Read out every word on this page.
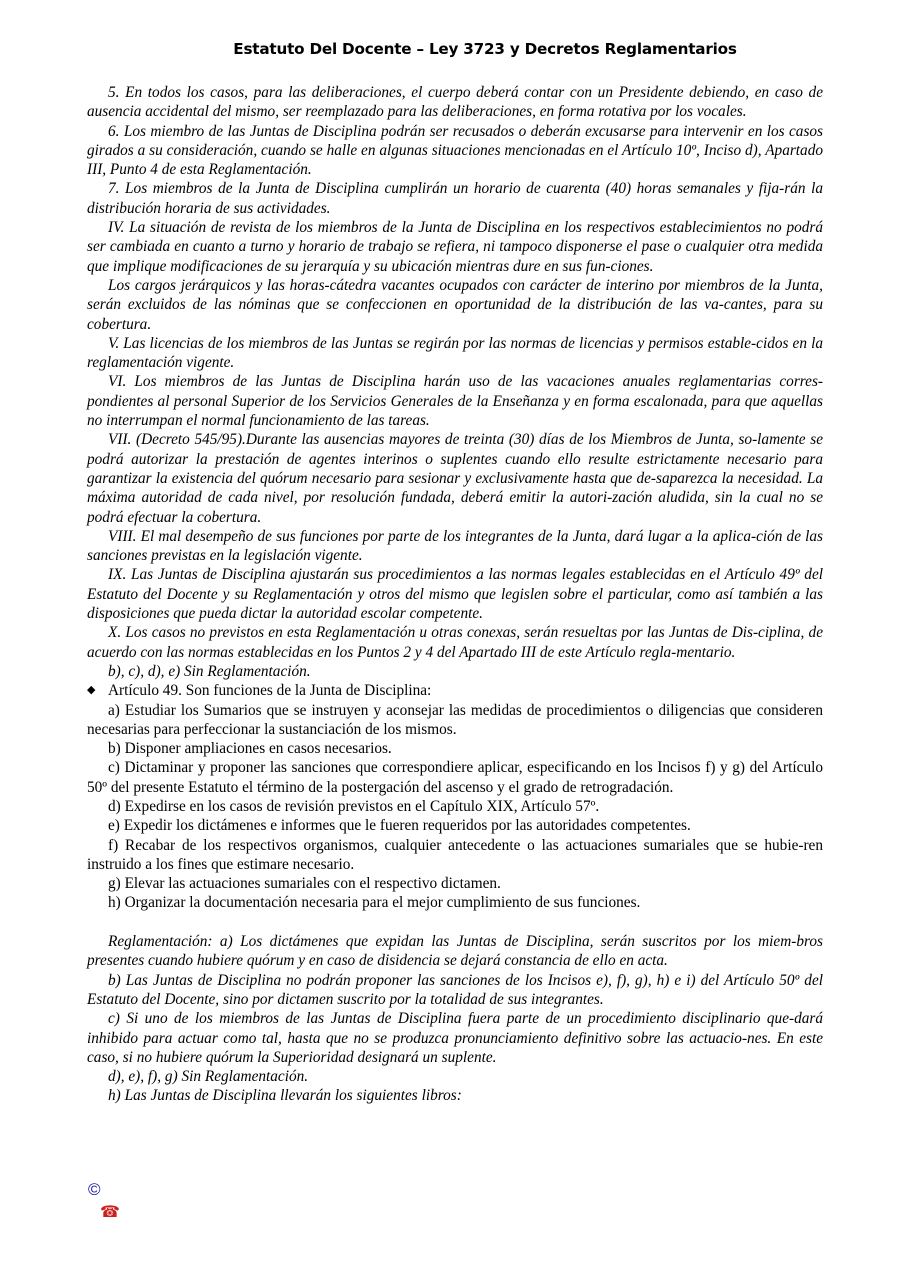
Estatuto Del Docente – Ley 3723 y Decretos Reglamentarios

5. En todos los casos, para las deliberaciones, el cuerpo deberá contar con un Presidente debiendo, en caso de ausencia accidental del mismo, ser reemplazado para las deliberaciones, en forma rotativa por los vocales.

6. Los miembro de las Juntas de Disciplina podrán ser recusados o deberán excusarse para intervenir en los casos girados a su consideración, cuando se halle en algunas situaciones mencionadas en el Artículo 10º, Inciso d), Apartado III, Punto 4 de esta Reglamentación.

7. Los miembros de la Junta de Disciplina cumplirán un horario de cuarenta (40) horas semanales y fija-rán la distribución horaria de sus actividades.

IV. La situación de revista de los miembros de la Junta de Disciplina en los respectivos establecimientos no podrá ser cambiada en cuanto a turno y horario de trabajo se refiera, ni tampoco disponerse el pase o cualquier otra medida que implique modificaciones de su jerarquía y su ubicación mientras dure en sus fun-ciones.

Los cargos jerárquicos y las horas-cátedra vacantes ocupados con carácter de interino por miembros de la Junta, serán excluidos de las nóminas que se confeccionen en oportunidad de la distribución de las va-cantes, para su cobertura.

V. Las licencias de los miembros de las Juntas se regirán por las normas de licencias y permisos estable-cidos en la reglamentación vigente.

VI. Los miembros de las Juntas de Disciplina harán uso de las vacaciones anuales reglamentarias corres-pondientes al personal Superior de los Servicios Generales de la Enseñanza y en forma escalonada, para que aquellas no interrumpan el normal funcionamiento de las tareas.

VII. (Decreto 545/95).Durante las ausencias mayores de treinta (30) días de los Miembros de Junta, so-lamente se podrá autorizar la prestación de agentes interinos o suplentes cuando ello resulte estrictamente necesario para garantizar la existencia del quórum necesario para sesionar y exclusivamente hasta que de-saparezca la necesidad. La máxima autoridad de cada nivel, por resolución fundada, deberá emitir la autori-zación aludida, sin la cual no se podrá efectuar la cobertura.

VIII. El mal desempeño de sus funciones por parte de los integrantes de la Junta, dará lugar a la aplica-ción de las sanciones previstas en la legislación vigente.

IX. Las Juntas de Disciplina ajustarán sus procedimientos a las normas legales establecidas en el Artículo 49º del Estatuto del Docente y su Reglamentación y otros del mismo que legislen sobre el particular, como así también a las disposiciones que pueda dictar la autoridad escolar competente.

X. Los casos no previstos en esta Reglamentación u otras conexas, serán resueltas por las Juntas de Dis-ciplina, de acuerdo con las normas establecidas en los Puntos 2 y 4 del Apartado III de este Artículo regla-mentario.

b), c), d), e) Sin Reglamentación.

◆ Artículo 49. Son funciones de la Junta de Disciplina:

a) Estudiar los Sumarios que se instruyen y aconsejar las medidas de procedimientos o diligencias que consideren necesarias para perfeccionar la sustanciación de los mismos.

b) Disponer ampliaciones en casos necesarios.

c) Dictaminar y proponer las sanciones que correspondiere aplicar, especificando en los Incisos f) y g) del Artículo 50º del presente Estatuto el término de la postergación del ascenso y el grado de retrogradación.

d) Expedirse en los casos de revisión previstos en el Capítulo XIX, Artículo 57º.

e) Expedir los dictámenes e informes que le fueren requeridos por las autoridades competentes.

f) Recabar de los respectivos organismos, cualquier antecedente o las actuaciones sumariales que se hubie-ren instruido a los fines que estimare necesario.

g) Elevar las actuaciones sumariales con el respectivo dictamen.

h) Organizar la documentación necesaria para el mejor cumplimiento de sus funciones.

Reglamentación: a) Los dictámenes que expidan las Juntas de Disciplina, serán suscritos por los miem-bros presentes cuando hubiere quórum y en caso de disidencia se dejará constancia de ello en acta.

b) Las Juntas de Disciplina no podrán proponer las sanciones de los Incisos e), f), g), h) e i) del Artículo 50º del Estatuto del Docente, sino por dictamen suscrito por la totalidad de sus integrantes.

c) Si uno de los miembros de las Juntas de Disciplina fuera parte de un procedimiento disciplinario que-dará inhibido para actuar como tal, hasta que no se produzca pronunciamiento definitivo sobre las actuacio-nes. En este caso, si no hubiere quórum la Superioridad designará un suplente.

d), e), f), g) Sin Reglamentación.

h) Las Juntas de Disciplina llevarán los siguientes libros:

©
☎
